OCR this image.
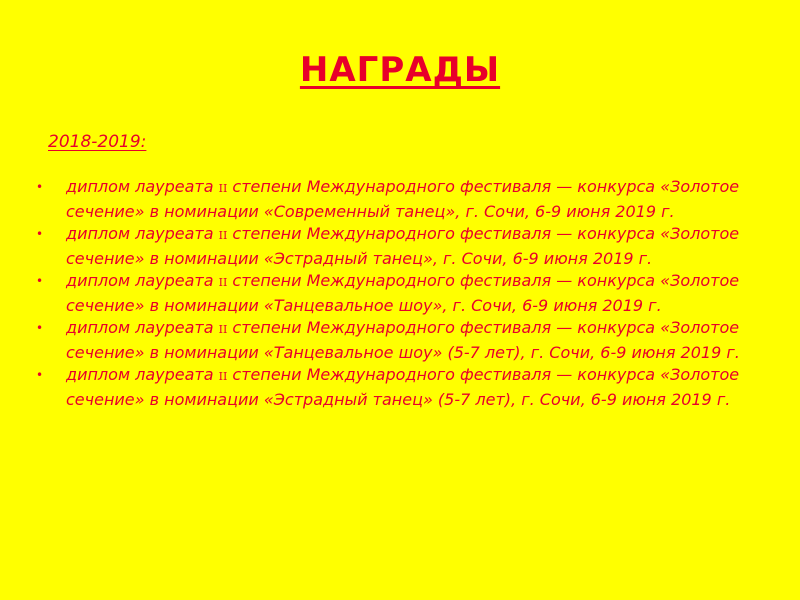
НАГРАДЫ
2018-2019:
• диплом лауреата II степени Международного фестиваля — конкурса «Золотое сечение» в номинации «Современный танец», г. Сочи, 6-9 июня 2019 г.
• диплом лауреата II степени Международного фестиваля — конкурса «Золотое сечение» в номинации «Эстрадный танец», г. Сочи, 6-9 июня 2019 г.
• диплом лауреата II степени Международного фестиваля — конкурса «Золотое сечение» в номинации «Танцевальное шоу», г. Сочи, 6-9 июня 2019 г.
• диплом лауреата II степени Международного фестиваля — конкурса «Золотое сечение» в номинации «Танцевальное шоу» (5-7 лет), г. Сочи, 6-9 июня 2019 г.
• диплом лауреата II степени Международного фестиваля — конкурса «Золотое сечение» в номинации «Эстрадный танец» (5-7 лет), г. Сочи, 6-9 июня 2019 г.
